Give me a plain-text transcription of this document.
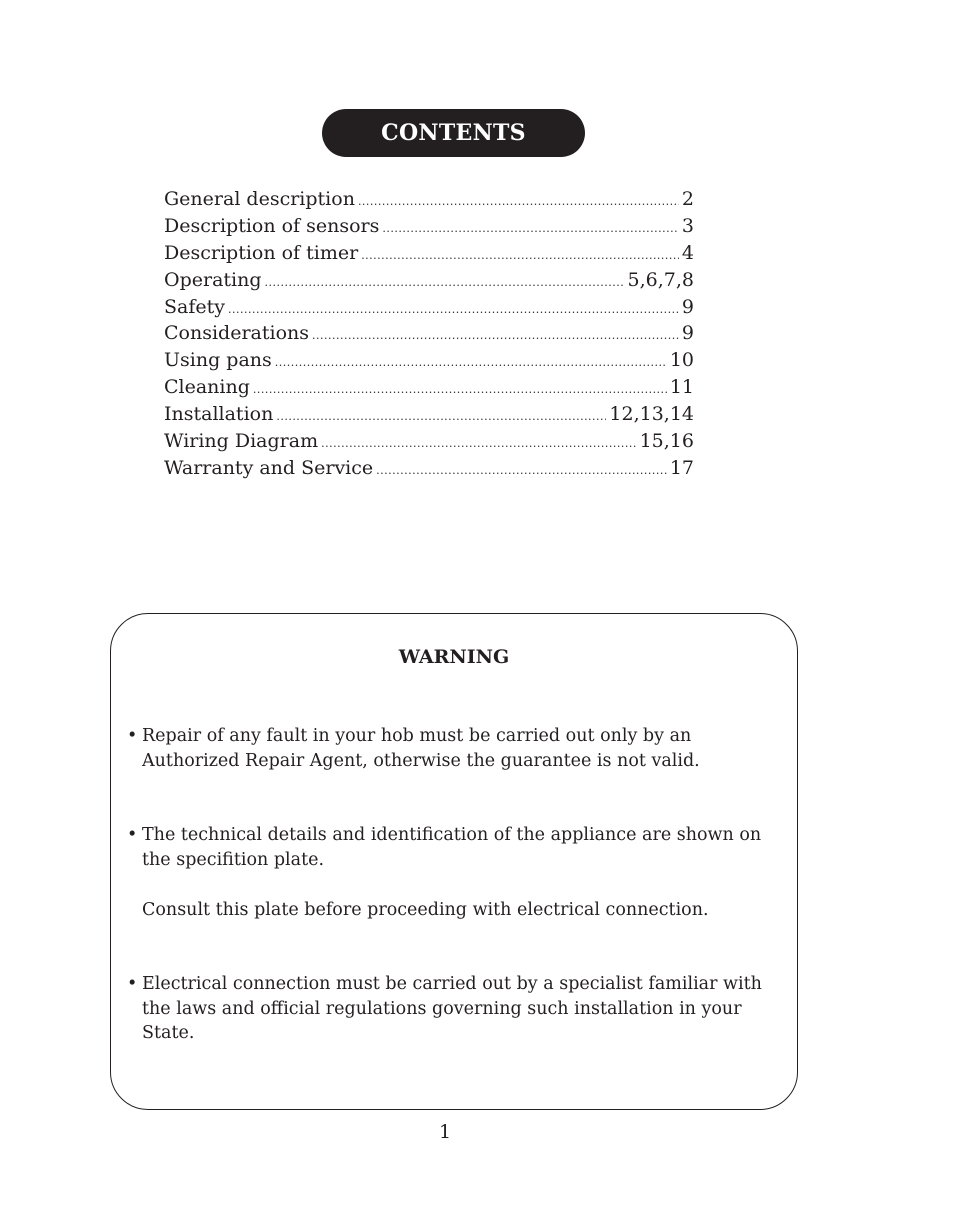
CONTENTS
General description .....	2
Description of sensors .....	3
Description of timer .....	4
Operating .....	5,6,7,8
Safety .....	9
Considerations .....	9
Using pans .....	10
Cleaning .....	11
Installation .....	12,13,14
Wiring Diagram .....	15,16
Warranty and Service .....	17
WARNING
• Repair of any fault in your hob must be carried out only by an Authorized Repair Agent, otherwise the guarantee is not valid.
• The technical details and identification of the appliance are shown on the specifition plate.
Consult this plate before proceeding with electrical connection.
• Electrical connection must be carried out by a specialist familiar with the laws and official regulations governing such installation in your State.
1
